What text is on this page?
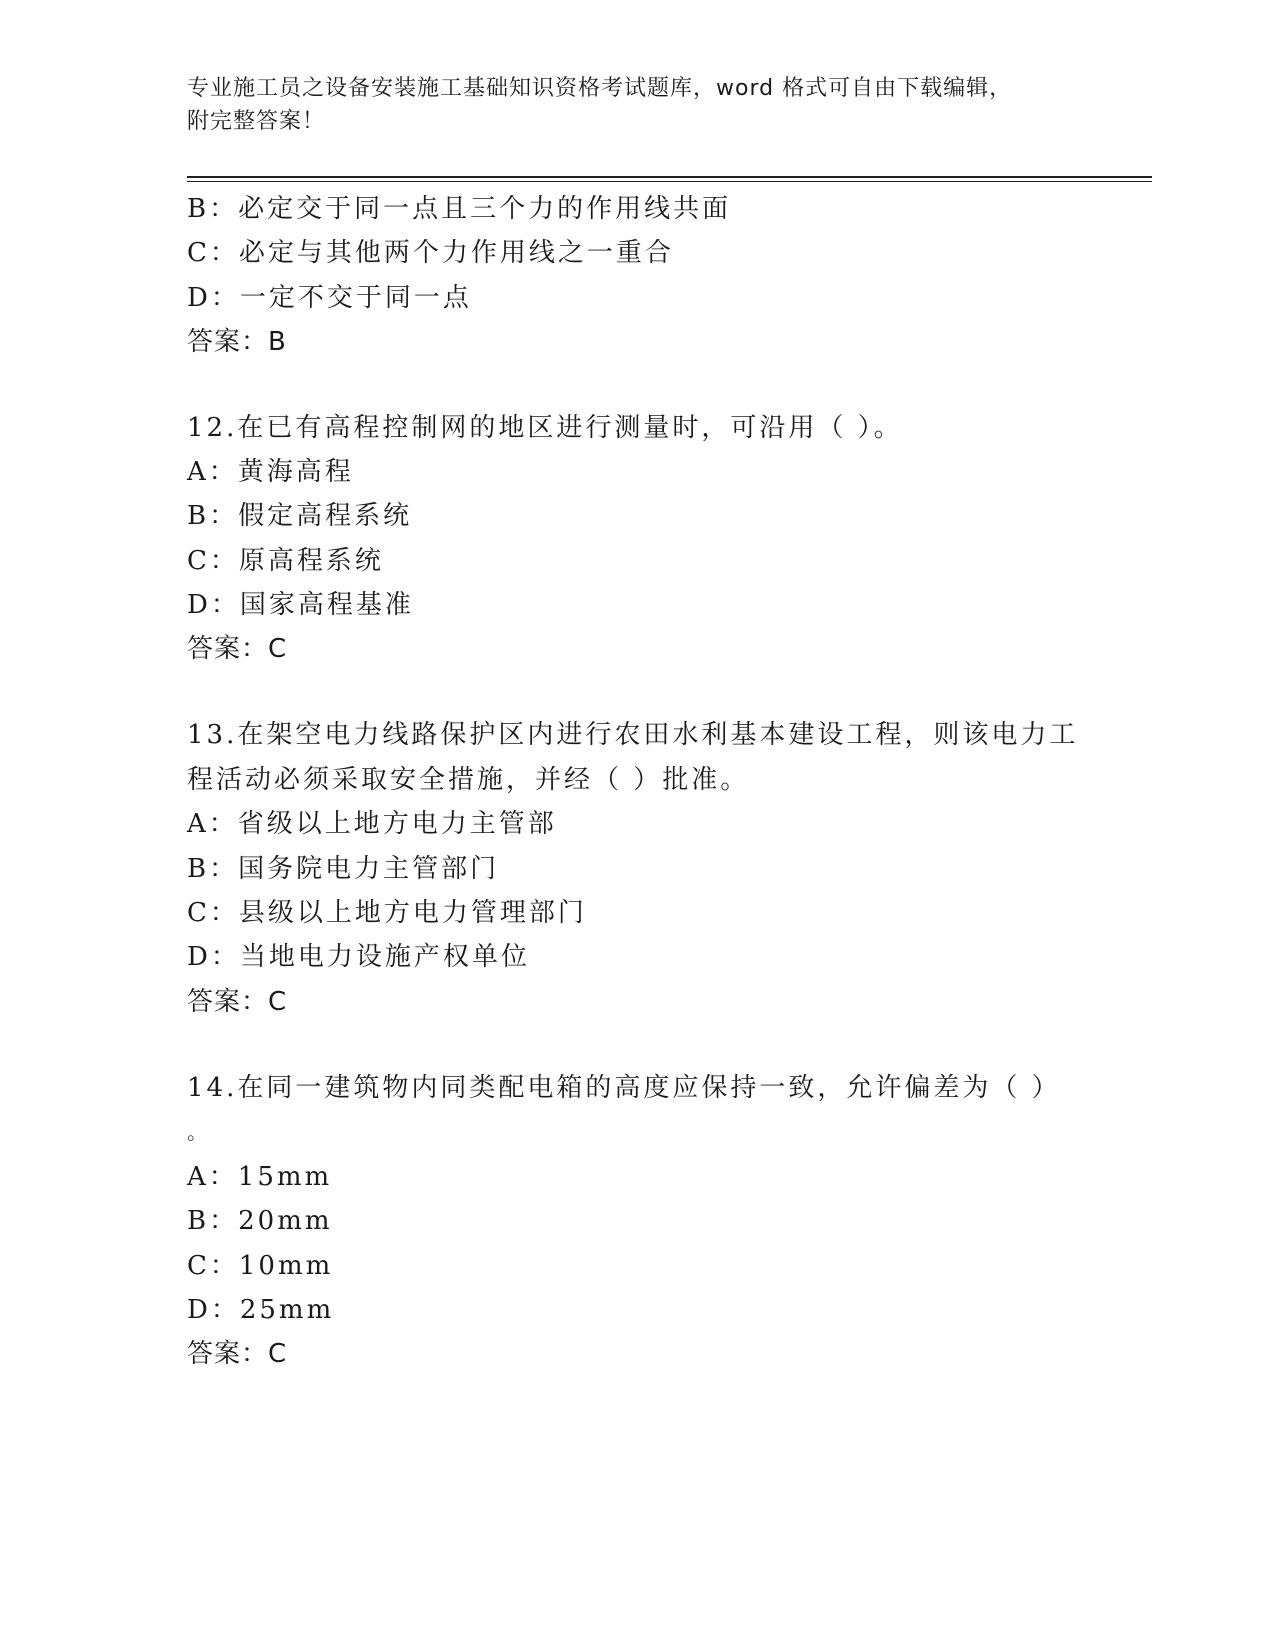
专业施工员之设备安装施工基础知识资格考试题库，word 格式可自由下载编辑，
附完整答案！
B：必定交于同一点且三个力的作用线共面
C：必定与其他两个力作用线之一重合
D：一定不交于同一点
答案：B
12.在已有高程控制网的地区进行测量时，可沿用（ ）。
A：黄海高程
B：假定高程系统
C：原高程系统
D：国家高程基准
答案：C
13.在架空电力线路保护区内进行农田水利基本建设工程，则该电力工
程活动必须采取安全措施，并经（ ）批准。
A：省级以上地方电力主管部
B：国务院电力主管部门
C：县级以上地方电力管理部门
D：当地电力设施产权单位
答案：C
14.在同一建筑物内同类配电箱的高度应保持一致，允许偏差为（ ）
。
A：15mm
B：20mm
C：10mm
D：25mm
答案：C
